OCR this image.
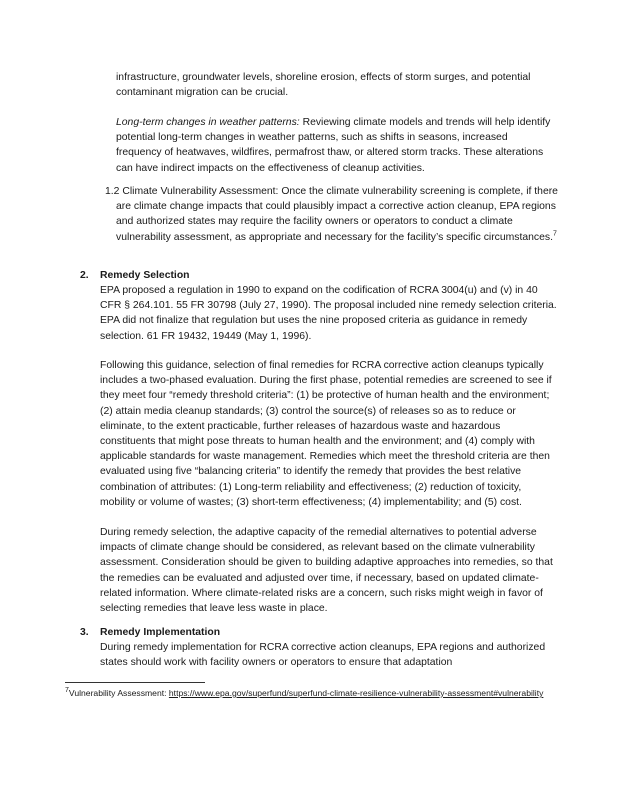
infrastructure, groundwater levels, shoreline erosion, effects of storm surges, and potential contaminant migration can be crucial.

Long-term changes in weather patterns: Reviewing climate models and trends will help identify potential long-term changes in weather patterns, such as shifts in seasons, increased frequency of heatwaves, wildfires, permafrost thaw, or altered storm tracks. These alterations can have indirect impacts on the effectiveness of cleanup activities.

1.2 Climate Vulnerability Assessment: Once the climate vulnerability screening is complete, if there are climate change impacts that could plausibly impact a corrective action cleanup, EPA regions and authorized states may require the facility owners or operators to conduct a climate vulnerability assessment, as appropriate and necessary for the facility’s specific circumstances.$^7$

2. Remedy Selection

EPA proposed a regulation in 1990 to expand on the codification of RCRA 3004(u) and (v) in 40 CFR § 264.101. 55 FR 30798 (July 27, 1990). The proposal included nine remedy selection criteria. EPA did not finalize that regulation but uses the nine proposed criteria as guidance in remedy selection. 61 FR 19432, 19449 (May 1, 1996).

Following this guidance, selection of final remedies for RCRA corrective action cleanups typically includes a two-phased evaluation. During the first phase, potential remedies are screened to see if they meet four “remedy threshold criteria”: (1) be protective of human health and the environment; (2) attain media cleanup standards; (3) control the source(s) of releases so as to reduce or eliminate, to the extent practicable, further releases of hazardous waste and hazardous constituents that might pose threats to human health and the environment; and (4) comply with applicable standards for waste management. Remedies which meet the threshold criteria are then evaluated using five “balancing criteria” to identify the remedy that provides the best relative combination of attributes: (1) Long-term reliability and effectiveness; (2) reduction of toxicity, mobility or volume of wastes; (3) short-term effectiveness; (4) implementability; and (5) cost.

During remedy selection, the adaptive capacity of the remedial alternatives to potential adverse impacts of climate change should be considered, as relevant based on the climate vulnerability assessment. Consideration should be given to building adaptive approaches into remedies, so that the remedies can be evaluated and adjusted over time, if necessary, based on updated climate-related information. Where climate-related risks are a concern, such risks might weigh in favor of selecting remedies that leave less waste in place.

3. Remedy Implementation

During remedy implementation for RCRA corrective action cleanups, EPA regions and authorized states should work with facility owners or operators to ensure that adaptation

$^7$Vulnerability Assessment: https://www.epa.gov/superfund/superfund-climate-resilience-vulnerability-assessment#vulnerability
